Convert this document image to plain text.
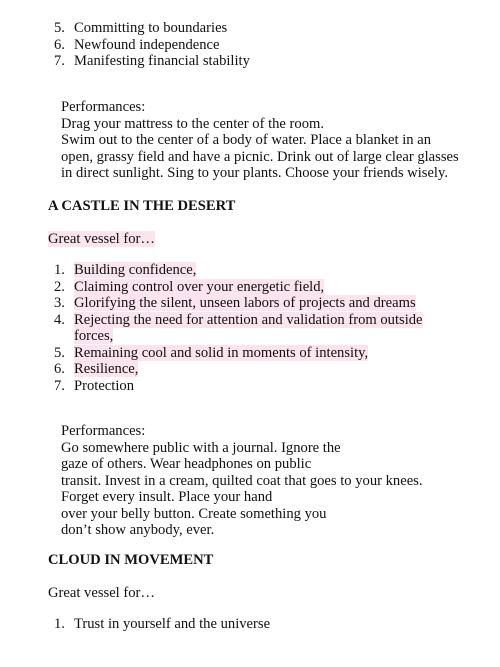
5. Committing to boundaries
6. Newfound independence
7. Manifesting financial stability
Performances:
Drag your mattress to the center of the room.
Swim out to the center of a body of water. Place a blanket in an
open, grassy field and have a picnic. Drink out of large clear glasses
in direct sunlight. Sing to your plants. Choose your friends wisely.
A CASTLE IN THE DESERT
Great vessel for…
1. Building confidence,
2. Claiming control over your energetic field,
3. Glorifying the silent, unseen labors of projects and dreams
4. Rejecting the need for attention and validation from outside forces,
5. Remaining cool and solid in moments of intensity,
6. Resilience,
7. Protection
Performances:
Go somewhere public with a journal. Ignore the
gaze of others. Wear headphones on public
transit. Invest in a cream, quilted coat that goes to your knees.
Forget every insult. Place your hand
over your belly button. Create something you
don’t show anybody, ever.
CLOUD IN MOVEMENT
Great vessel for…
1. Trust in yourself and the universe
